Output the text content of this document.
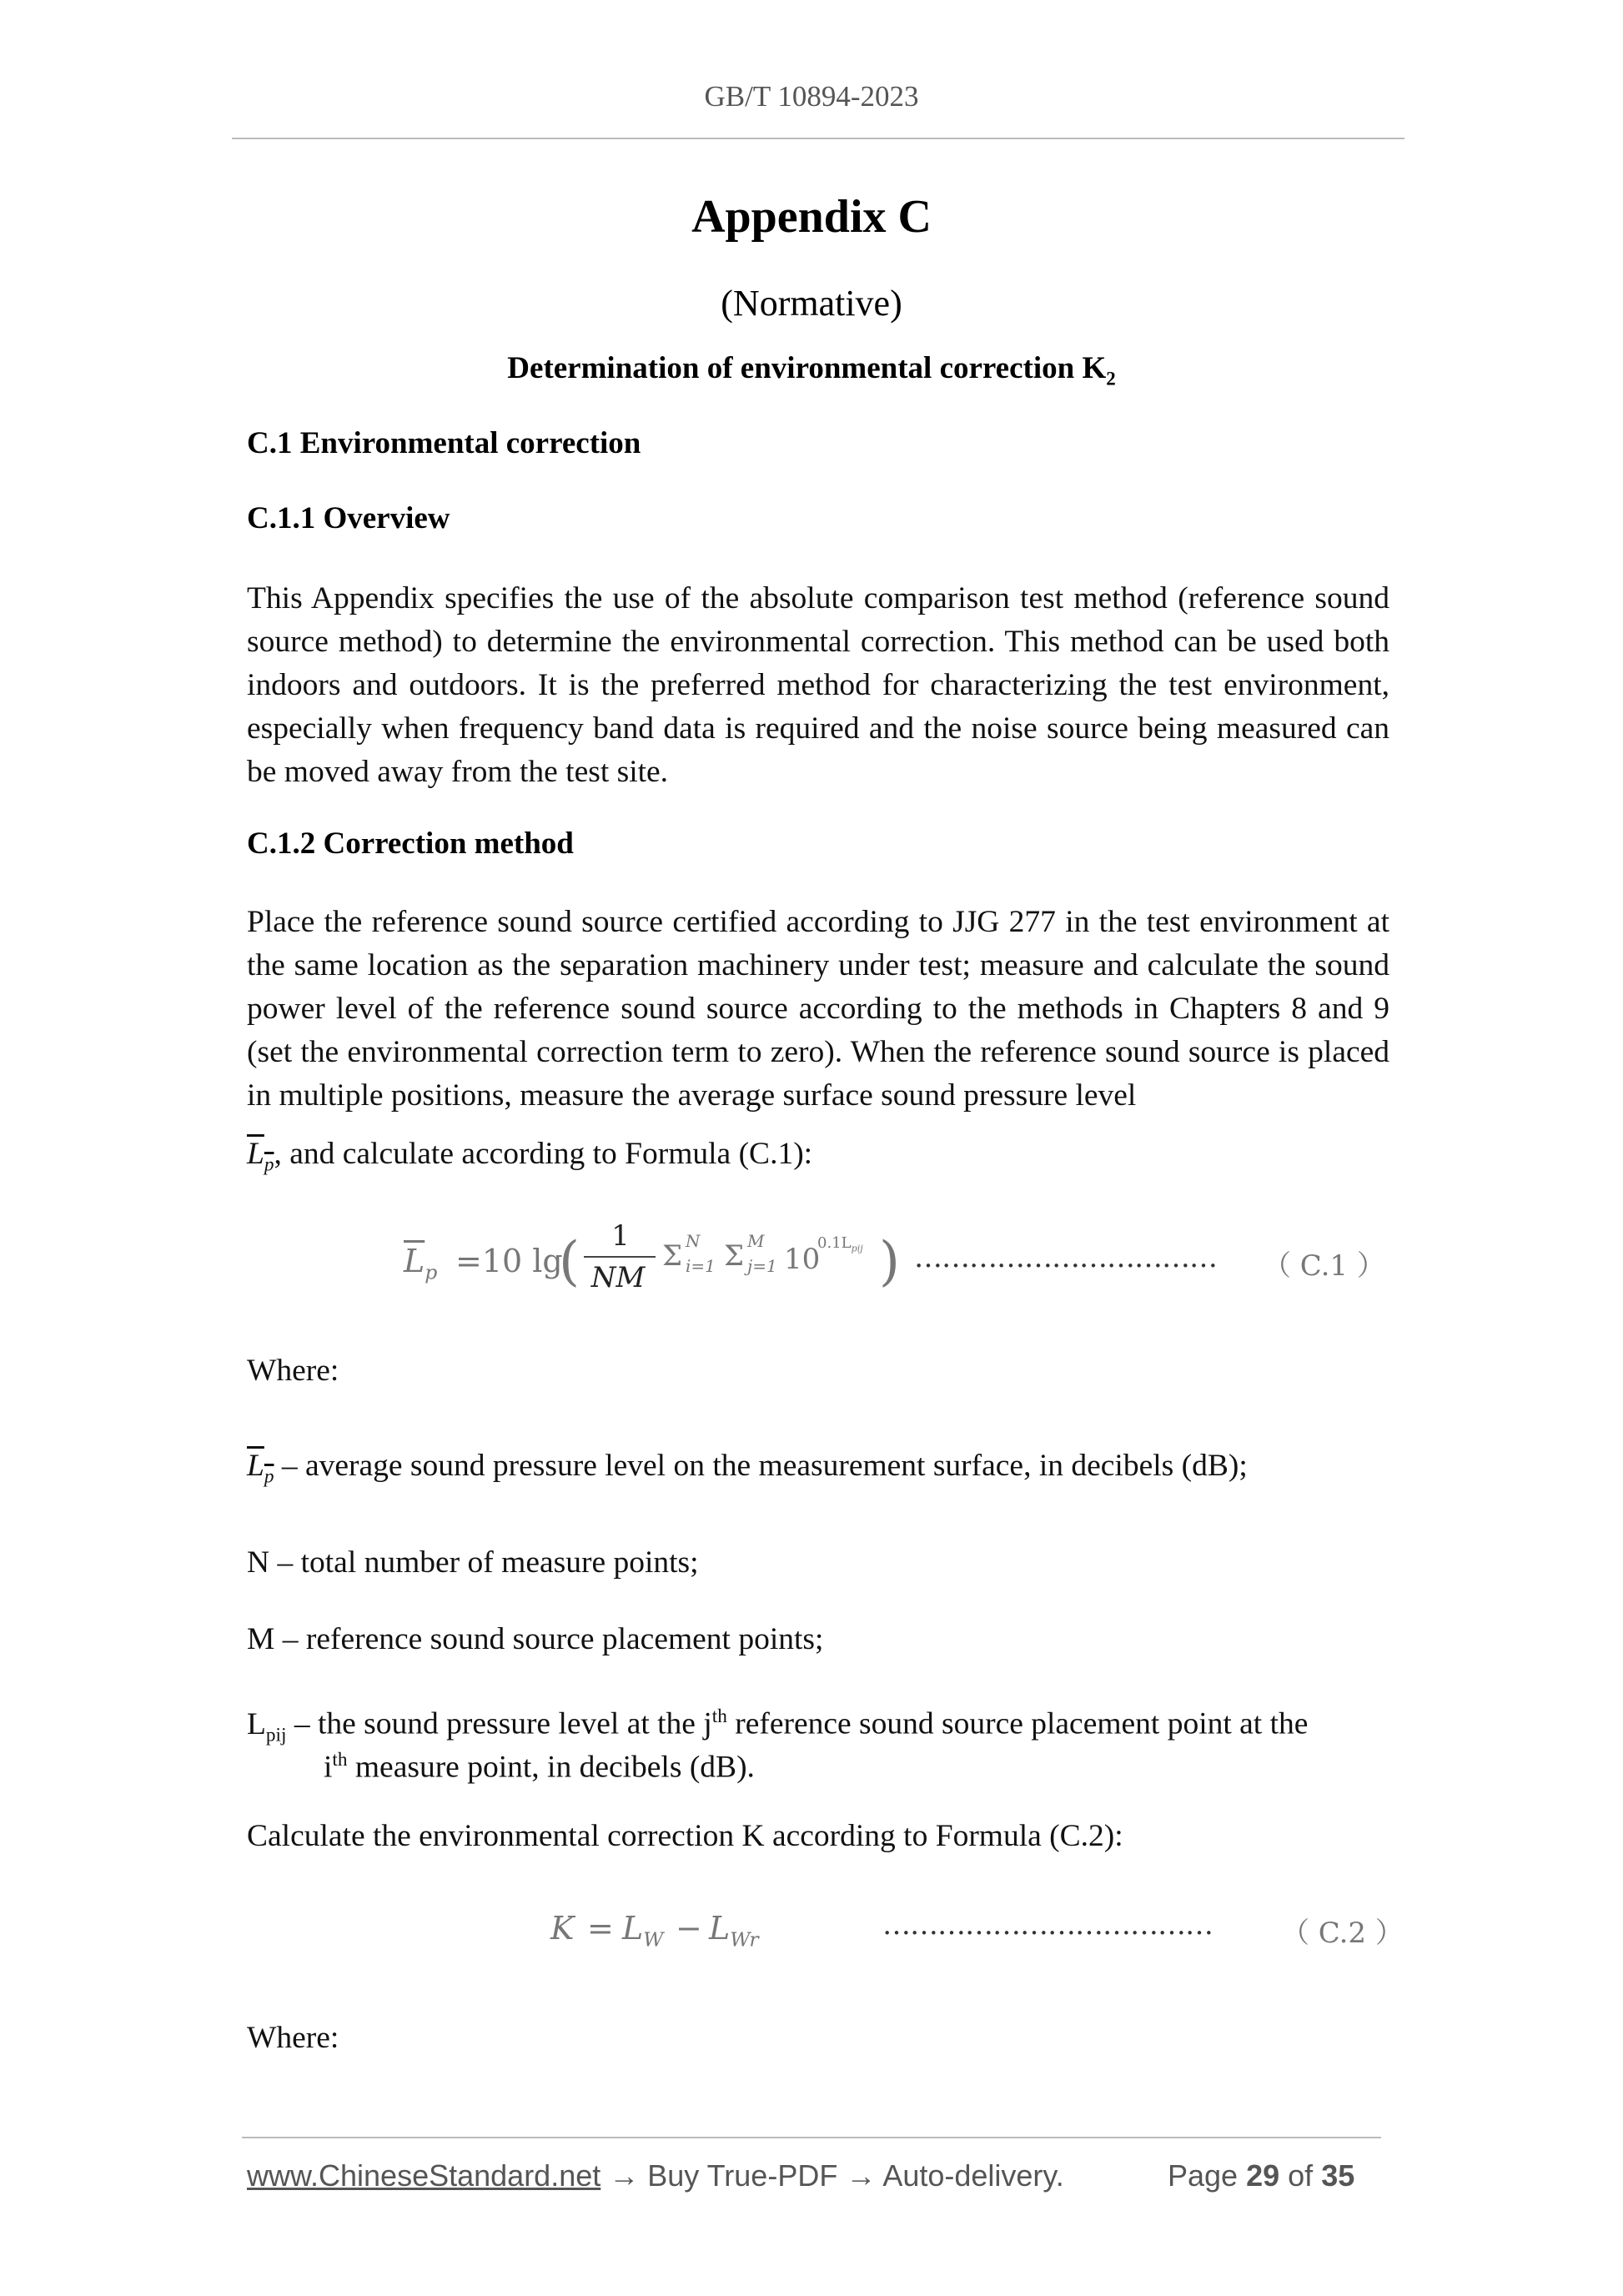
GB/T 10894-2023
Appendix C
(Normative)
Determination of environmental correction $K_2$
C.1 Environmental correction
C.1.1 Overview
This Appendix specifies the use of the absolute comparison test method (reference sound source method) to determine the environmental correction. This method can be used both indoors and outdoors. It is the preferred method for characterizing the test environment, especially when frequency band data is required and the noise source being measured can be moved away from the test site.
C.1.2 Correction method
Place the reference sound source certified according to JJG 277 in the test environment at the same location as the separation machinery under test; measure and calculate the sound power level of the reference sound source according to the methods in Chapters 8 and 9 (set the environmental correction term to zero). When the reference sound source is placed in multiple positions, measure the average surface sound pressure level
$L_p$, and calculate according to Formula (C.1):
$\overline{L}_p =10$ lg
(	1
NM
Σ N
i=1 Σ M
j=1 10
$0.1L_{pij}$ ) …………………………… （ C.1 ）
Where:
$L_p$ – average sound pressure level on the measurement surface, in decibels (dB);
N – total number of measure points;
M – reference sound source placement points;
$L_{pij}$ – the sound pressure level at the $j^{th}$ reference sound source placement point at the
$i^{th}$ measure point, in decibels (dB).
Calculate the environmental correction K according to Formula (C.2):
$K = L_W - L_{Wr}$	……………………………… （ C.2 ）
Where:
www.ChineseStandard.net → Buy True-PDF → Auto-delivery.	Page 29 of 35
